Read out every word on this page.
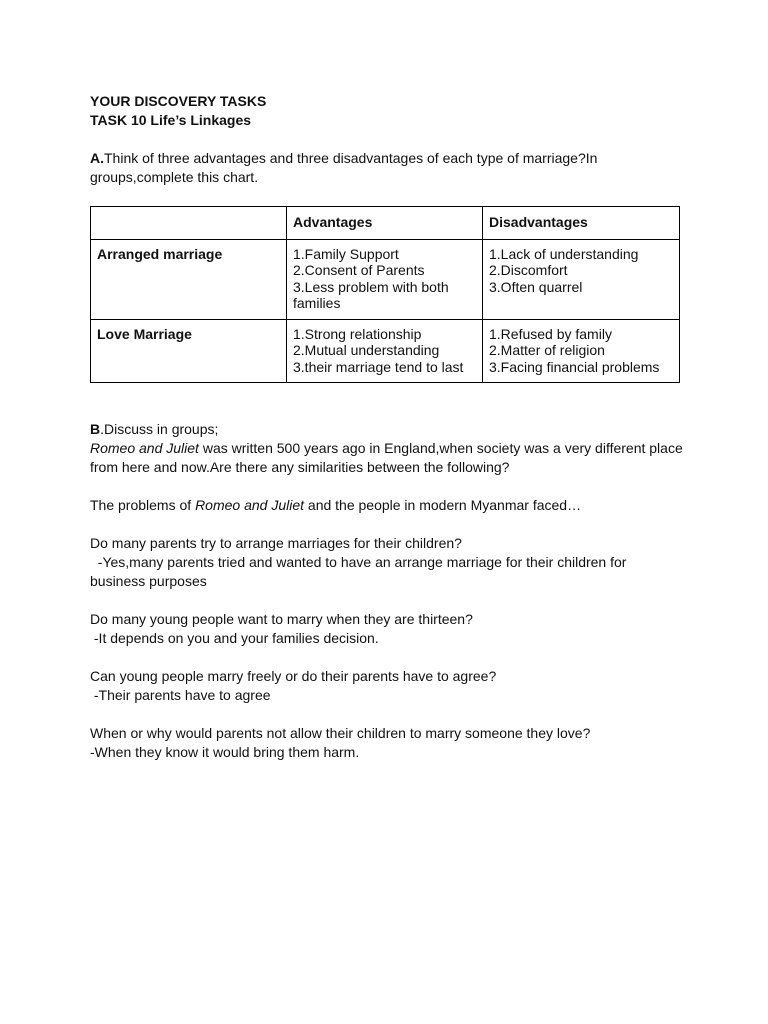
YOUR DISCOVERY TASKS

TASK 10 Life’s Linkages

A.Think of three advantages and three disadvantages of each type of marriage?In

groups,complete this chart.

	Advantages	Disadvantages
Arranged marriage	1.Family Support
2.Consent of Parents
3.Less problem with both
families	1.Lack of understanding
2.Discomfort
3.Often quarrel

Love Marriage	1.Strong relationship
2.Mutual understanding
3.their marriage tend to last	1.Refused by family
2.Matter of religion
3.Facing financial problems

B.Discuss in groups;

Romeo and Juliet was written 500 years ago in England,when society was a very different place

from here and now.Are there any similarities between the following?

The problems of Romeo and Juliet and the people in modern Myanmar faced…

Do many parents try to arrange marriages for their children?

-Yes,many parents tried and wanted to have an arrange marriage for their children for

business purposes

Do many young people want to marry when they are thirteen?

-It depends on you and your families decision.

Can young people marry freely or do their parents have to agree?

-Their parents have to agree

When or why would parents not allow their children to marry someone they love?

-When they know it would bring them harm.
